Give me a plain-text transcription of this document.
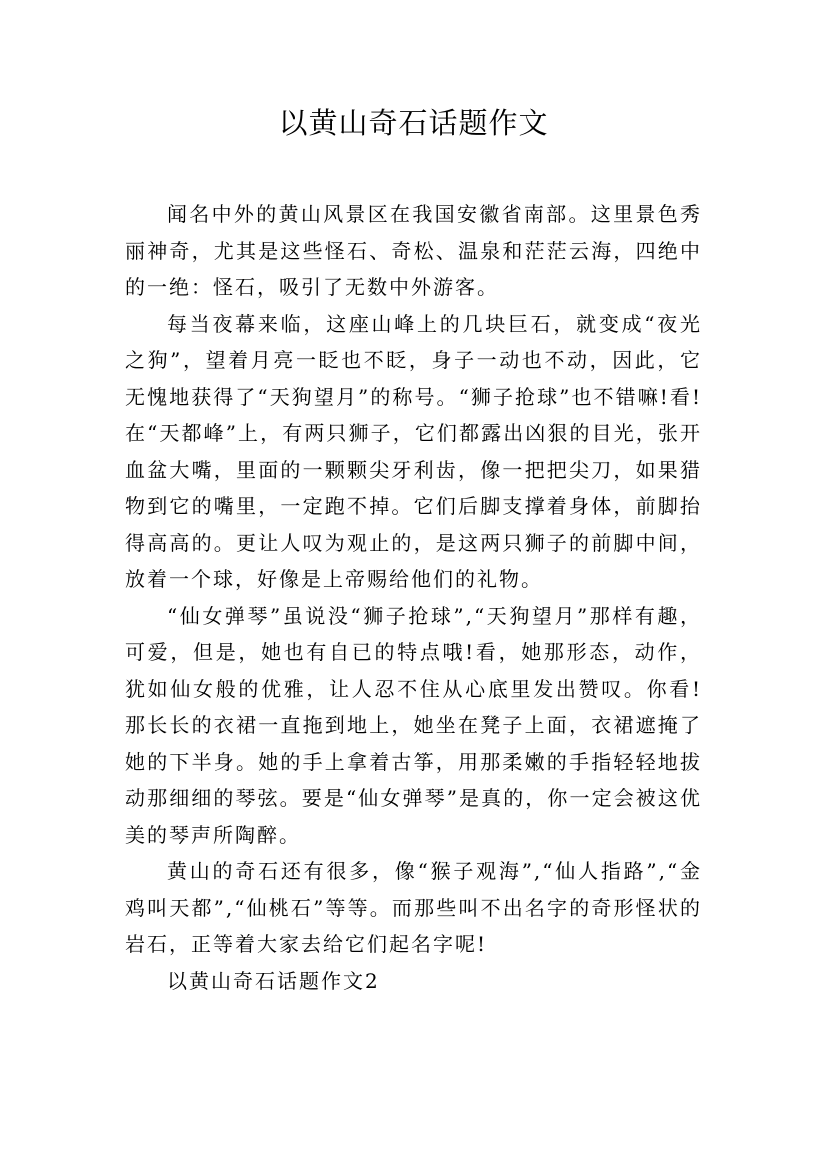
以黄山奇石话题作文

闻名中外的黄山风景区在我国安徽省南部。这里景色秀丽神奇，尤其是这些怪石、奇松、温泉和茫茫云海，四绝中的一绝：怪石，吸引了无数中外游客。

每当夜幕来临，这座山峰上的几块巨石，就变成“夜光之狗”，望着月亮一眨也不眨，身子一动也不动，因此，它无愧地获得了“天狗望月”的称号。“狮子抢球”也不错嘛!看!在“天都峰”上，有两只狮子，它们都露出凶狠的目光，张开血盆大嘴，里面的一颗颗尖牙利齿，像一把把尖刀，如果猎物到它的嘴里，一定跑不掉。它们后脚支撑着身体，前脚抬得高高的。更让人叹为观止的，是这两只狮子的前脚中间，放着一个球，好像是上帝赐给他们的礼物。

“仙女弹琴”虽说没“狮子抢球”,“天狗望月”那样有趣，可爱，但是，她也有自已的特点哦!看，她那形态，动作，犹如仙女般的优雅，让人忍不住从心底里发出赞叹。你看!那长长的衣裙一直拖到地上，她坐在凳子上面，衣裙遮掩了她的下半身。她的手上拿着古筝，用那柔嫩的手指轻轻地拔动那细细的琴弦。要是“仙女弹琴”是真的，你一定会被这优美的琴声所陶醉。

黄山的奇石还有很多，像“猴子观海”,“仙人指路”,“金鸡叫天都”,“仙桃石”等等。而那些叫不出名字的奇形怪状的岩石，正等着大家去给它们起名字呢!

以黄山奇石话题作文2
